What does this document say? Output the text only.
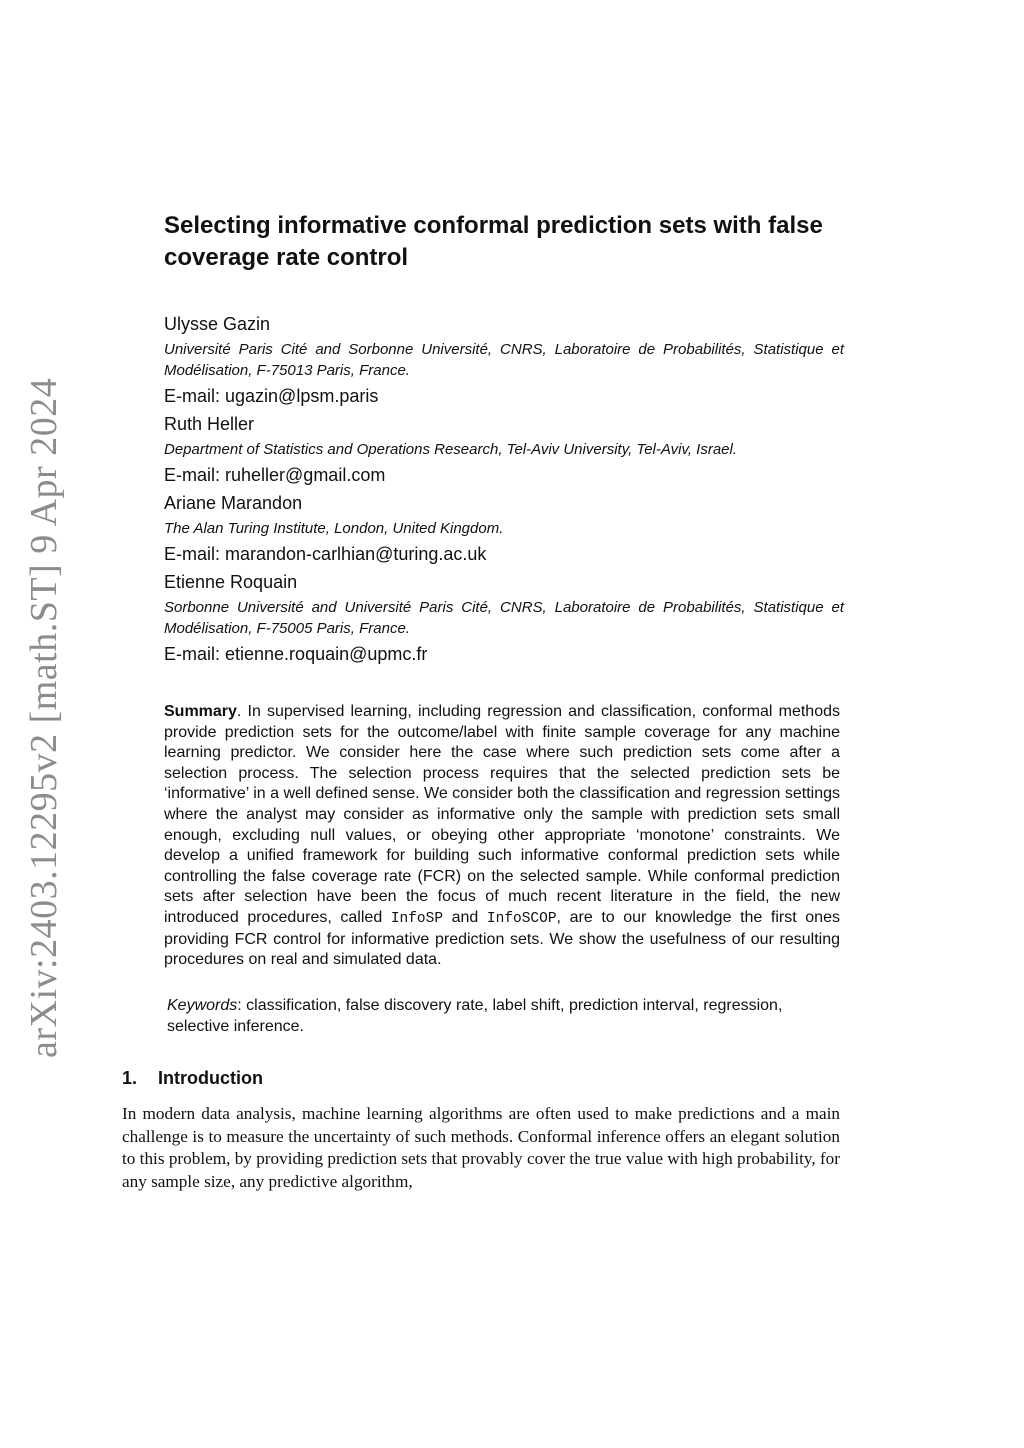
arXiv:2403.12295v2 [math.ST] 9 Apr 2024
Selecting informative conformal prediction sets with false coverage rate control

Ulysse Gazin

Université Paris Cité and Sorbonne Université, CNRS, Laboratoire de Probabilités, Statistique et Modélisation, F-75013 Paris, France.

E-mail: ugazin@lpsm.paris

Ruth Heller

Department of Statistics and Operations Research, Tel-Aviv University, Tel-Aviv, Israel.

E-mail: ruheller@gmail.com

Ariane Marandon

The Alan Turing Institute, London, United Kingdom.

E-mail: marandon-carlhian@turing.ac.uk

Etienne Roquain

Sorbonne Université and Université Paris Cité, CNRS, Laboratoire de Probabilités, Statistique et Modélisation, F-75005 Paris, France.

E-mail: etienne.roquain@upmc.fr

Summary. In supervised learning, including regression and classification, conformal methods provide prediction sets for the outcome/label with finite sample coverage for any machine learning predictor. We consider here the case where such prediction sets come after a selection process. The selection process requires that the selected prediction sets be ‘informative’ in a well defined sense. We consider both the classification and regression settings where the analyst may consider as informative only the sample with prediction sets small enough, excluding null values, or obeying other appropriate ‘monotone’ constraints. We develop a unified framework for building such informative conformal prediction sets while controlling the false coverage rate (FCR) on the selected sample. While conformal prediction sets after selection have been the focus of much recent literature in the field, the new introduced procedures, called InfoSP and InfoSCOP, are to our knowledge the first ones providing FCR control for informative prediction sets. We show the usefulness of our resulting procedures on real and simulated data.

Keywords: classification, false discovery rate, label shift, prediction interval, regression, selective inference.

1. Introduction

In modern data analysis, machine learning algorithms are often used to make predictions and a main challenge is to measure the uncertainty of such methods. Conformal inference offers an elegant solution to this problem, by providing prediction sets that provably cover the true value with high probability, for any sample size, any predictive algorithm,
